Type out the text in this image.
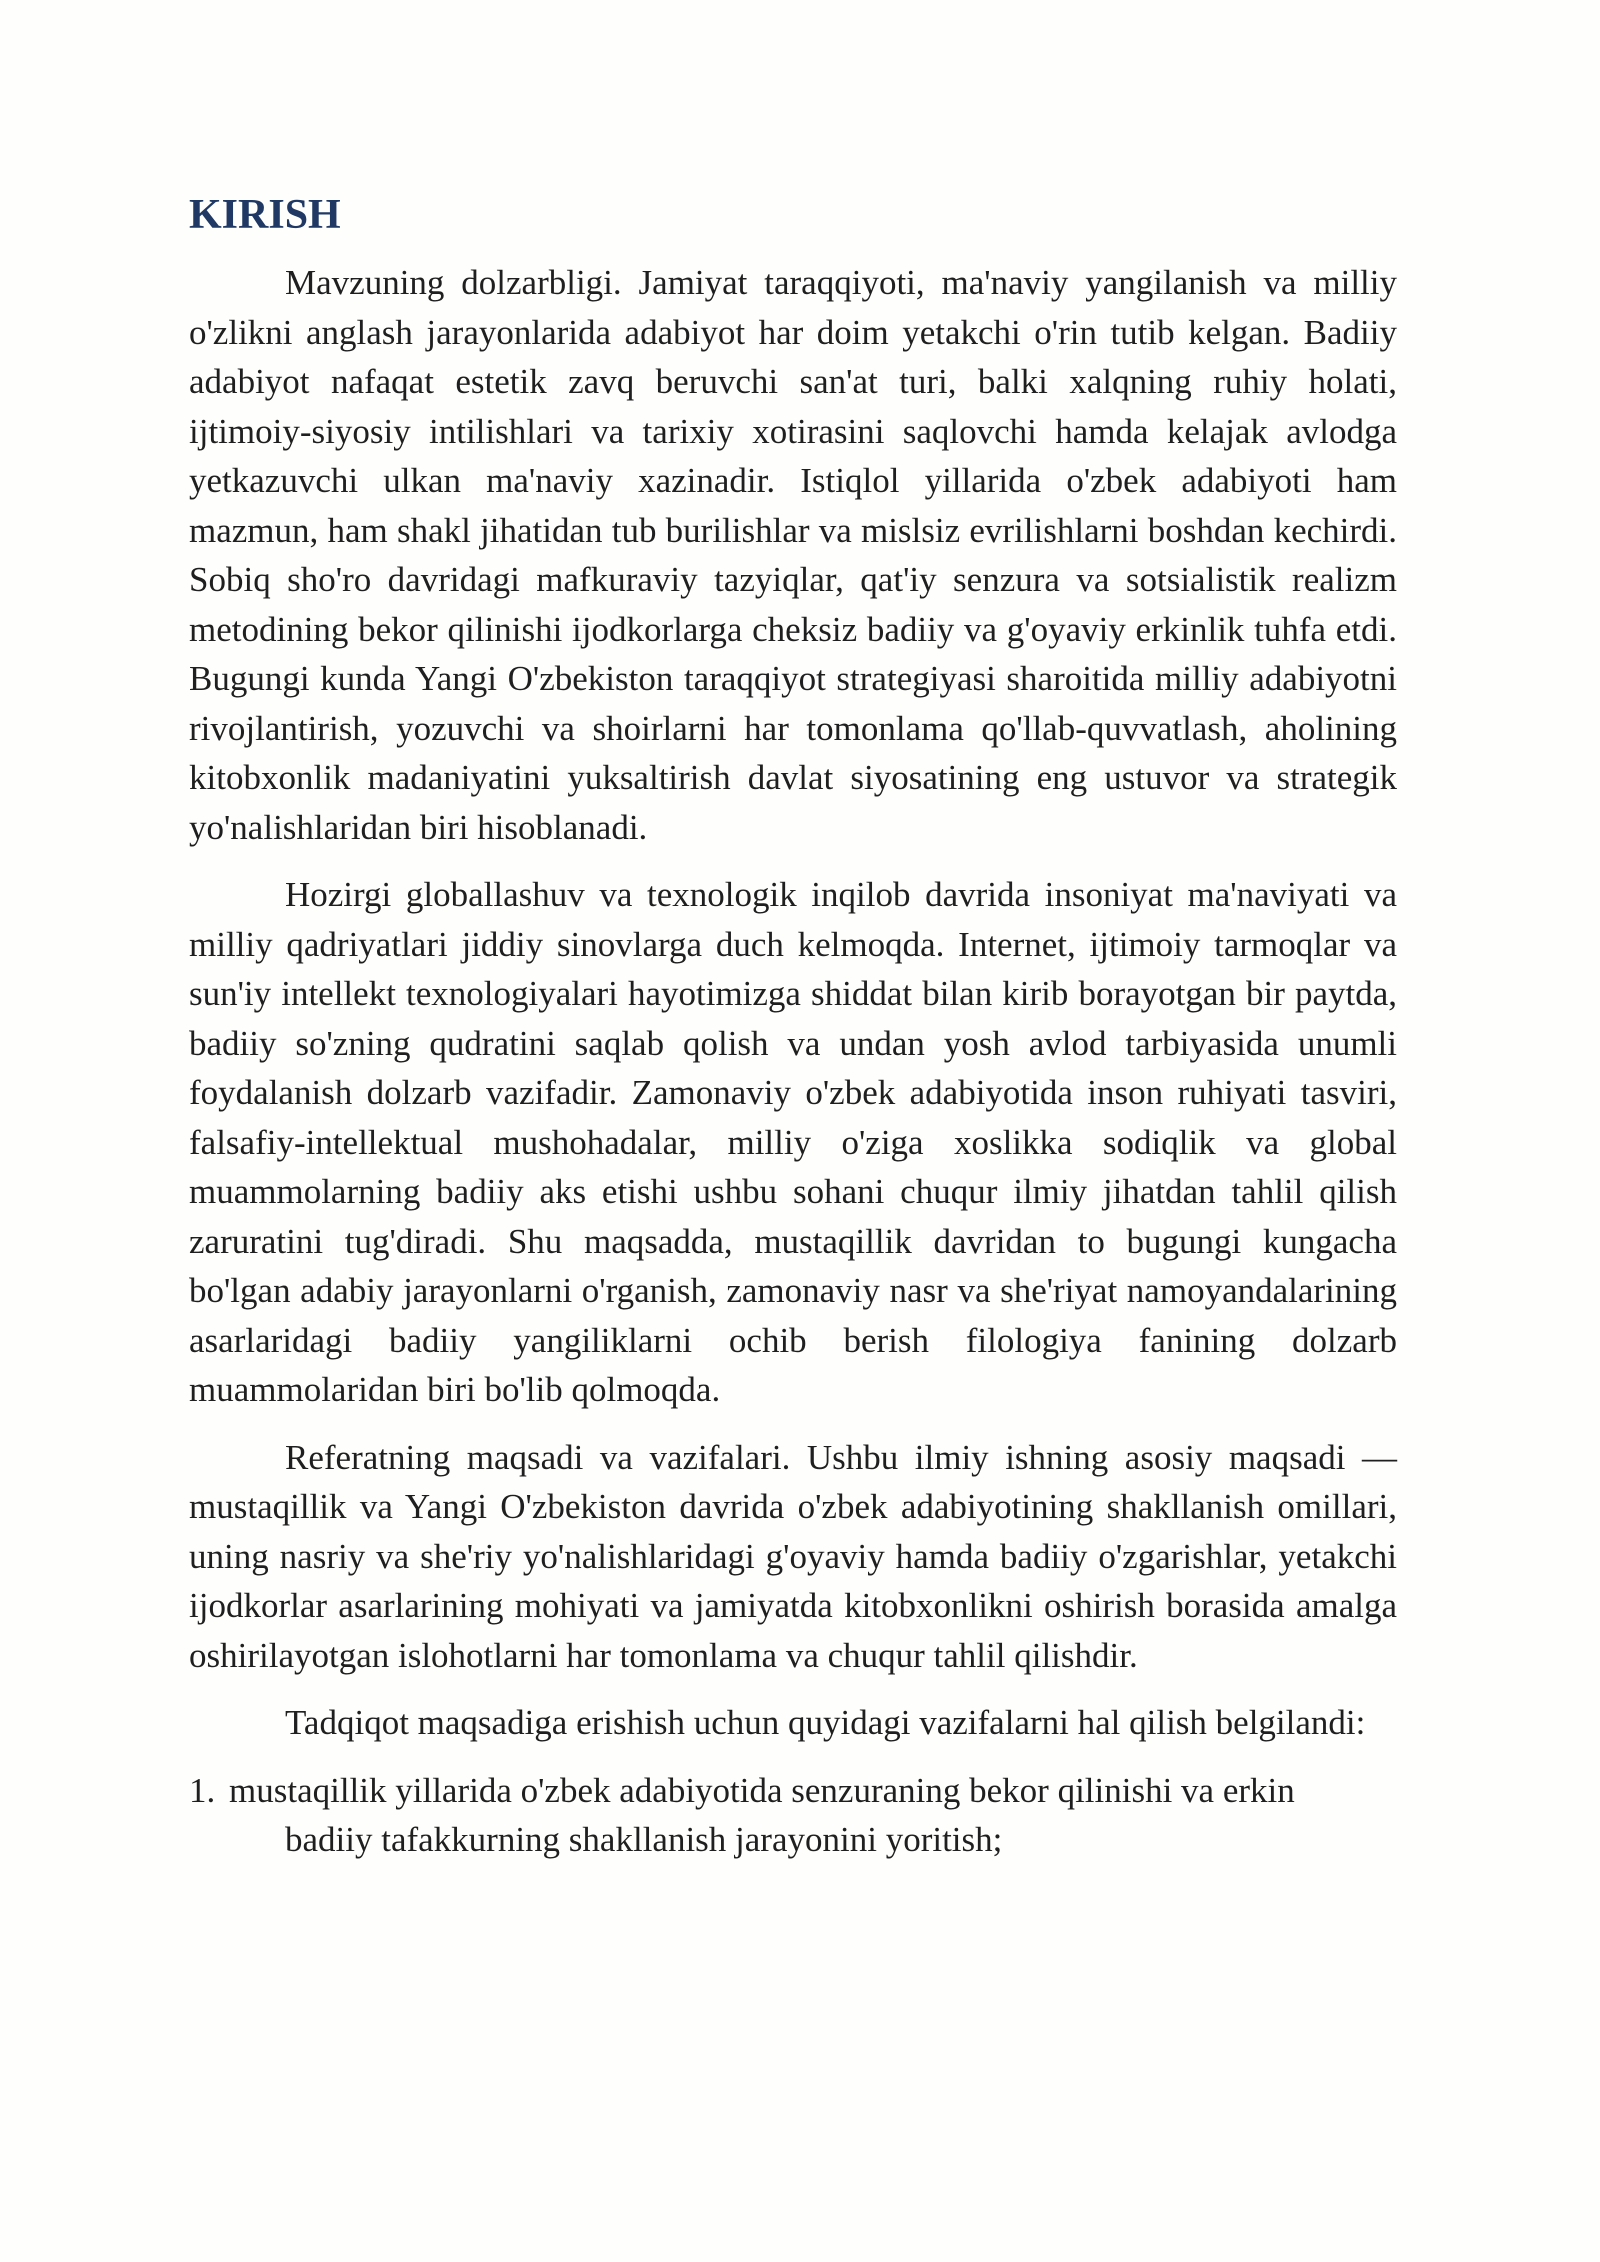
KIRISH

Mavzuning dolzarbligi. Jamiyat taraqqiyoti, ma'naviy yangilanish va milliy o'zlikni anglash jarayonlarida adabiyot har doim yetakchi o'rin tutib kelgan. Badiiy adabiyot nafaqat estetik zavq beruvchi san'at turi, balki xalqning ruhiy holati, ijtimoiy-siyosiy intilishlari va tarixiy xotirasini saqlovchi hamda kelajak avlodga yetkazuvchi ulkan ma'naviy xazinadir. Istiqlol yillarida o'zbek adabiyoti ham mazmun, ham shakl jihatidan tub burilishlar va mislsiz evrilishlarni boshdan kechirdi. Sobiq sho'ro davridagi mafkuraviy tazyiqlar, qat'iy senzura va sotsialistik realizm metodining bekor qilinishi ijodkorlarga cheksiz badiiy va g'oyaviy erkinlik tuhfa etdi. Bugungi kunda Yangi O'zbekiston taraqqiyot strategiyasi sharoitida milliy adabiyotni rivojlantirish, yozuvchi va shoirlarni har tomonlama qo'llab-quvvatlash, aholining kitobxonlik madaniyatini yuksaltirish davlat siyosatining eng ustuvor va strategik yo'nalishlaridan biri hisoblanadi.

Hozirgi globallashuv va texnologik inqilob davrida insoniyat ma'naviyati va milliy qadriyatlari jiddiy sinovlarga duch kelmoqda. Internet, ijtimoiy tarmoqlar va sun'iy intellekt texnologiyalari hayotimizga shiddat bilan kirib borayotgan bir paytda, badiiy so'zning qudratini saqlab qolish va undan yosh avlod tarbiyasida unumli foydalanish dolzarb vazifadir. Zamonaviy o'zbek adabiyotida inson ruhiyati tasviri, falsafiy-intellektual mushohadalar, milliy o'ziga xoslikka sodiqlik va global muammolarning badiiy aks etishi ushbu sohani chuqur ilmiy jihatdan tahlil qilish zaruratini tug'diradi. Shu maqsadda, mustaqillik davridan to bugungi kungacha bo'lgan adabiy jarayonlarni o'rganish, zamonaviy nasr va she'riyat namoyandalarining asarlaridagi badiiy yangiliklarni ochib berish filologiya fanining dolzarb muammolaridan biri bo'lib qolmoqda.

Referatning maqsadi va vazifalari. Ushbu ilmiy ishning asosiy maqsadi — mustaqillik va Yangi O'zbekiston davrida o'zbek adabiyotining shakllanish omillari, uning nasriy va she'riy yo'nalishlaridagi g'oyaviy hamda badiiy o'zgarishlar, yetakchi ijodkorlar asarlarining mohiyati va jamiyatda kitobxonlikni oshirish borasida amalga oshirilayotgan islohotlarni har tomonlama va chuqur tahlil qilishdir.

Tadqiqot maqsadiga erishish uchun quyidagi vazifalarni hal qilish belgilandi:

1. mustaqillik yillarida o'zbek adabiyotida senzuraning bekor qilinishi va erkin
badiiy tafakkurning shakllanish jarayonini yoritish;
